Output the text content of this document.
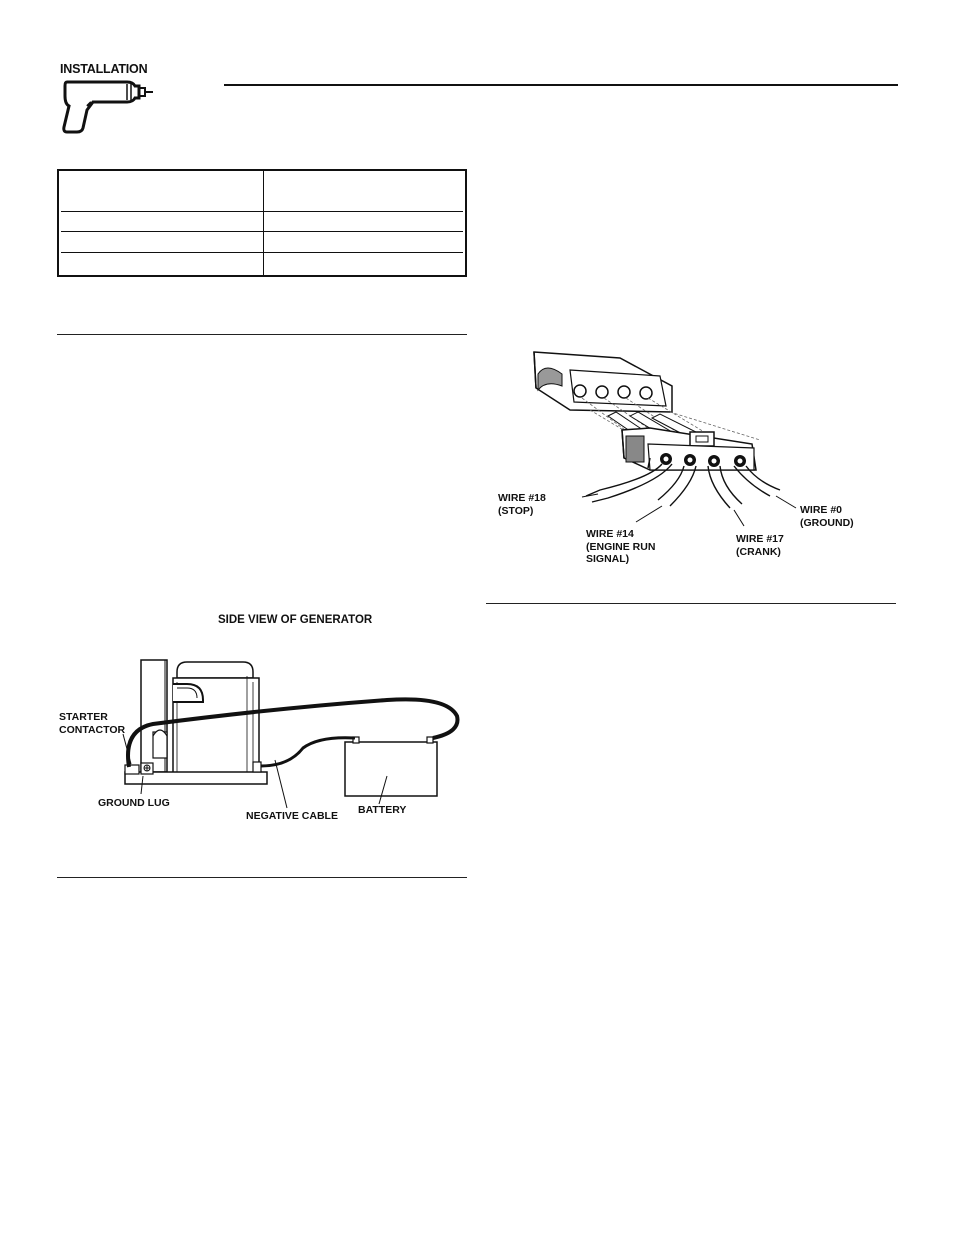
INSTALLATION
WIRE #18
(STOP)
WIRE #14
(ENGINE RUN
SIGNAL)
WIRE #17
(CRANK)
WIRE #0
(GROUND)
SIDE VIEW OF GENERATOR
STARTER
CONTACTOR
GROUND LUG
NEGATIVE CABLE BATTERY
